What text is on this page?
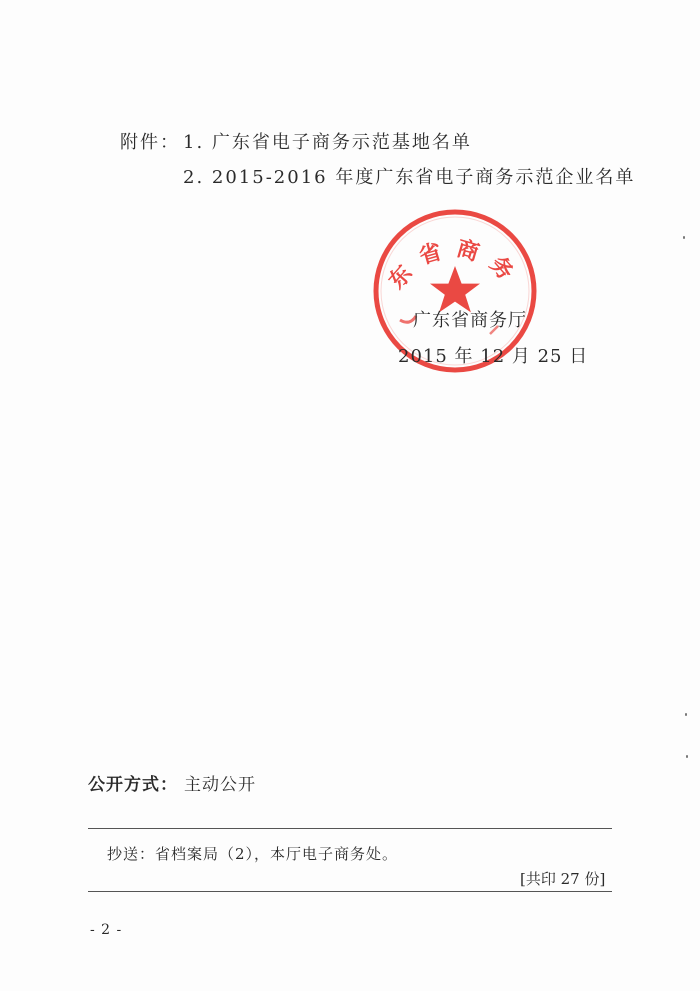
附件： 1. 广东省电子商务示范基地名单
2. 2015-2016 年度广东省电子商务示范企业名单
东省商务
广东省商务厅
2015 年 12 月 25 日
公开方式： 主动公开
抄送：省档案局（2），本厅电子商务处。
[共印 27 份]
- 2 -
